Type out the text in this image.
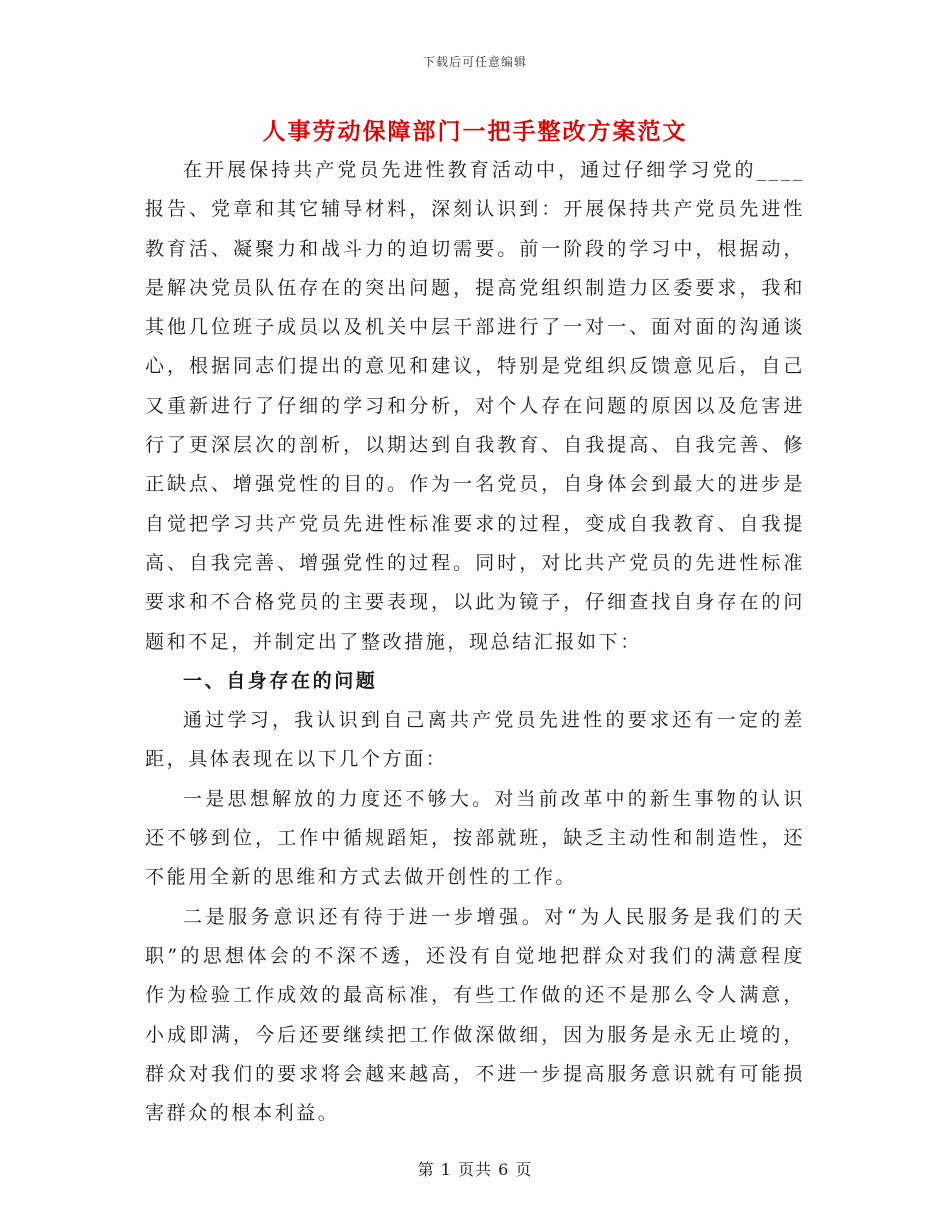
下载后可任意编辑
人事劳动保障部门一把手整改方案范文

在开展保持共产党员先进性教育活动中，通过仔细学习党的____报告、党章和其它辅导材料，深刻认识到：开展保持共产党员先进性教育活、凝聚力和战斗力的迫切需要。前一阶段的学习中，根据动，是解决党员队伍存在的突出问题，提高党组织制造力区委要求，我和其他几位班子成员以及机关中层干部进行了一对一、面对面的沟通谈心，根据同志们提出的意见和建议，特别是党组织反馈意见后，自己又重新进行了仔细的学习和分析，对个人存在问题的原因以及危害进行了更深层次的剖析，以期达到自我教育、自我提高、自我完善、修正缺点、增强党性的目的。作为一名党员，自身体会到最大的进步是自觉把学习共产党员先进性标准要求的过程，变成自我教育、自我提高、自我完善、增强党性的过程。同时，对比共产党员的先进性标准要求和不合格党员的主要表现，以此为镜子，仔细查找自身存在的问题和不足，并制定出了整改措施，现总结汇报如下：

一、自身存在的问题

通过学习，我认识到自己离共产党员先进性的要求还有一定的差距，具体表现在以下几个方面：

一是思想解放的力度还不够大。对当前改革中的新生事物的认识还不够到位，工作中循规蹈矩，按部就班，缺乏主动性和制造性，还不能用全新的思维和方式去做开创性的工作。

二是服务意识还有待于进一步增强。对“为人民服务是我们的天职”的思想体会的不深不透，还没有自觉地把群众对我们的满意程度作为检验工作成效的最高标准，有些工作做的还不是那么令人满意，小成即满，今后还要继续把工作做深做细，因为服务是永无止境的，群众对我们的要求将会越来越高，不进一步提高服务意识就有可能损害群众的根本利益。

第 1 页共 6 页
